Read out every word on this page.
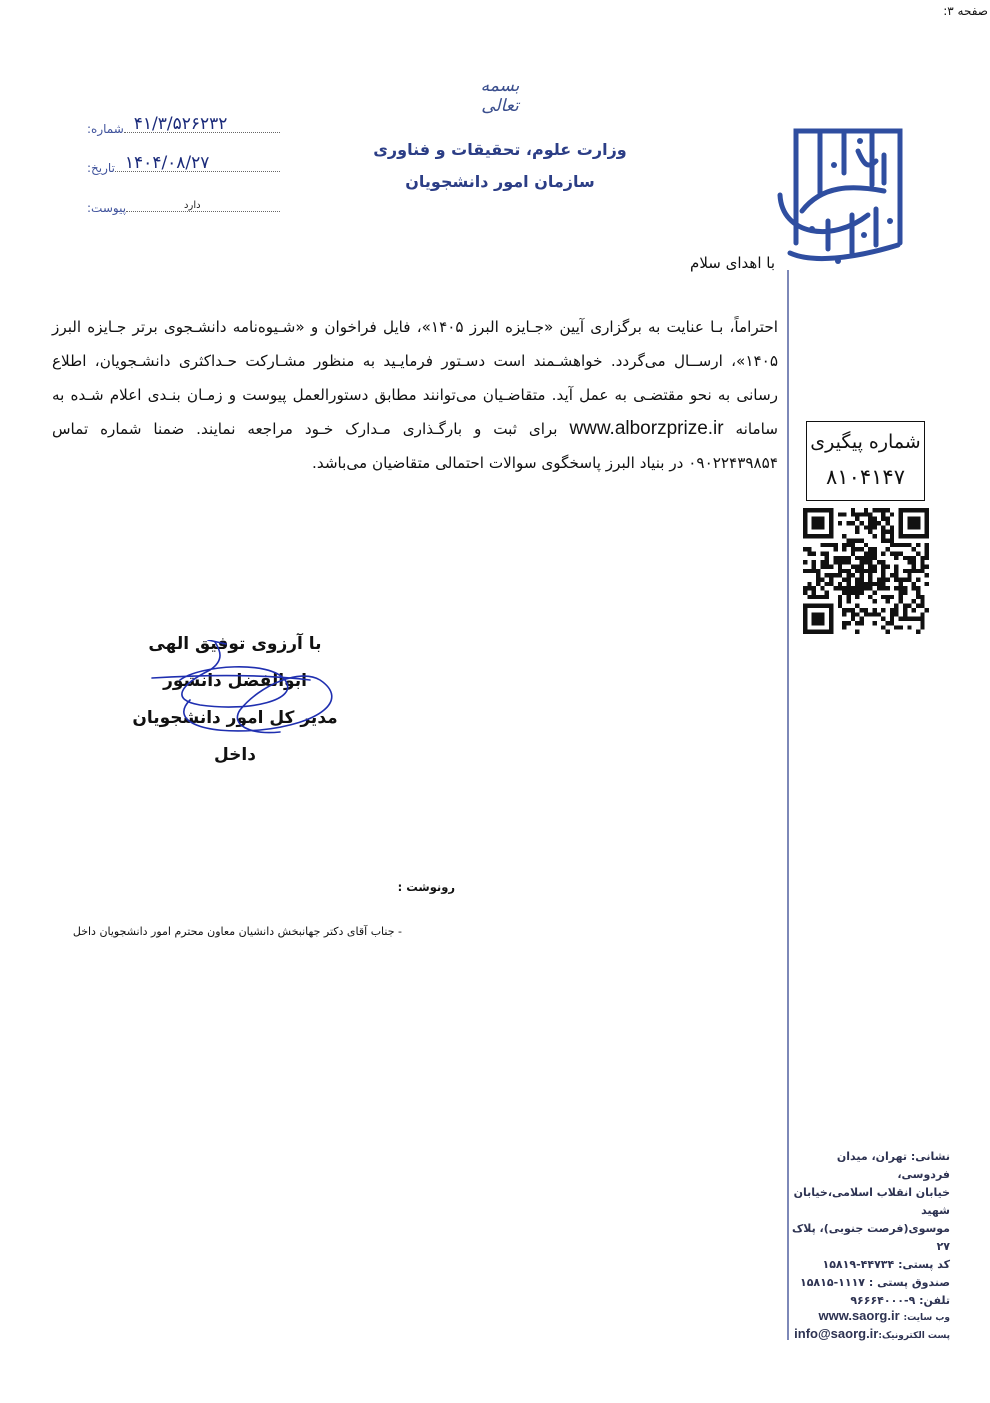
صفحه ۳:
بسمه تعالی
وزارت علوم، تحقیقات و فناوری
سازمان امور دانشجویان
شماره: ۴۱/۳/۵۲۶۲۳۲
تاریخ: ۱۴۰۴/۰۸/۲۷
پیوست:	دارد
با اهدای سلام
احتراماً، بـا عنایت به برگزاری آیین «جـایزه البرز ۱۴۰۵»، فایل فراخوان و «شـیوه‌نامه دانشـجوی برتر جـایزه البرز ۱۴۰۵»، ارســال می‌گردد. خواهشـمند است دسـتور فرمایـید به منظور مشـارکت حـداکثری دانشـجویان، اطلاع رسانی به نحو مقتضـی به عمل آید. متقاضـیان می‌توانند مطابق دستورالعمل پیوست و زمـان بنـدی اعلام شـده به سامانه www.alborzprize.ir برای ثبت و بارگـذاری مـدارک خـود مراجعه نمایند. ضمنا شماره تماس ۰۹۰۲۲۴۳۹۸۵۴ در بنیاد البرز پاسخگوی سوالات احتمالی متقاضیان می‌باشد.
شماره پیگیری
۸۱۰۴۱۴۷
با آرزوی توفیق الهی
ابوالفضل دانشور
مدیر کل امور دانشجویان داخل
رونوشت :
- جناب آقای دکتر جهانبخش دانشیان معاون محترم امور دانشجویان داخل
نشانی: تهران، میدان فردوسی،
خیابان انقلاب اسلامی،خیابان شهید
موسوی(فرصت جنوبی)، پلاک ۲۷
کد پستی: ۴۴۷۳۴-۱۵۸۱۹
صندوق پستی : ۱۱۱۷-۱۵۸۱۵
تلفن: ۹-۹۶۶۶۴۰۰۰
وب سایت: www.saorg.ir
پست الکترونیک:info@saorg.ir
